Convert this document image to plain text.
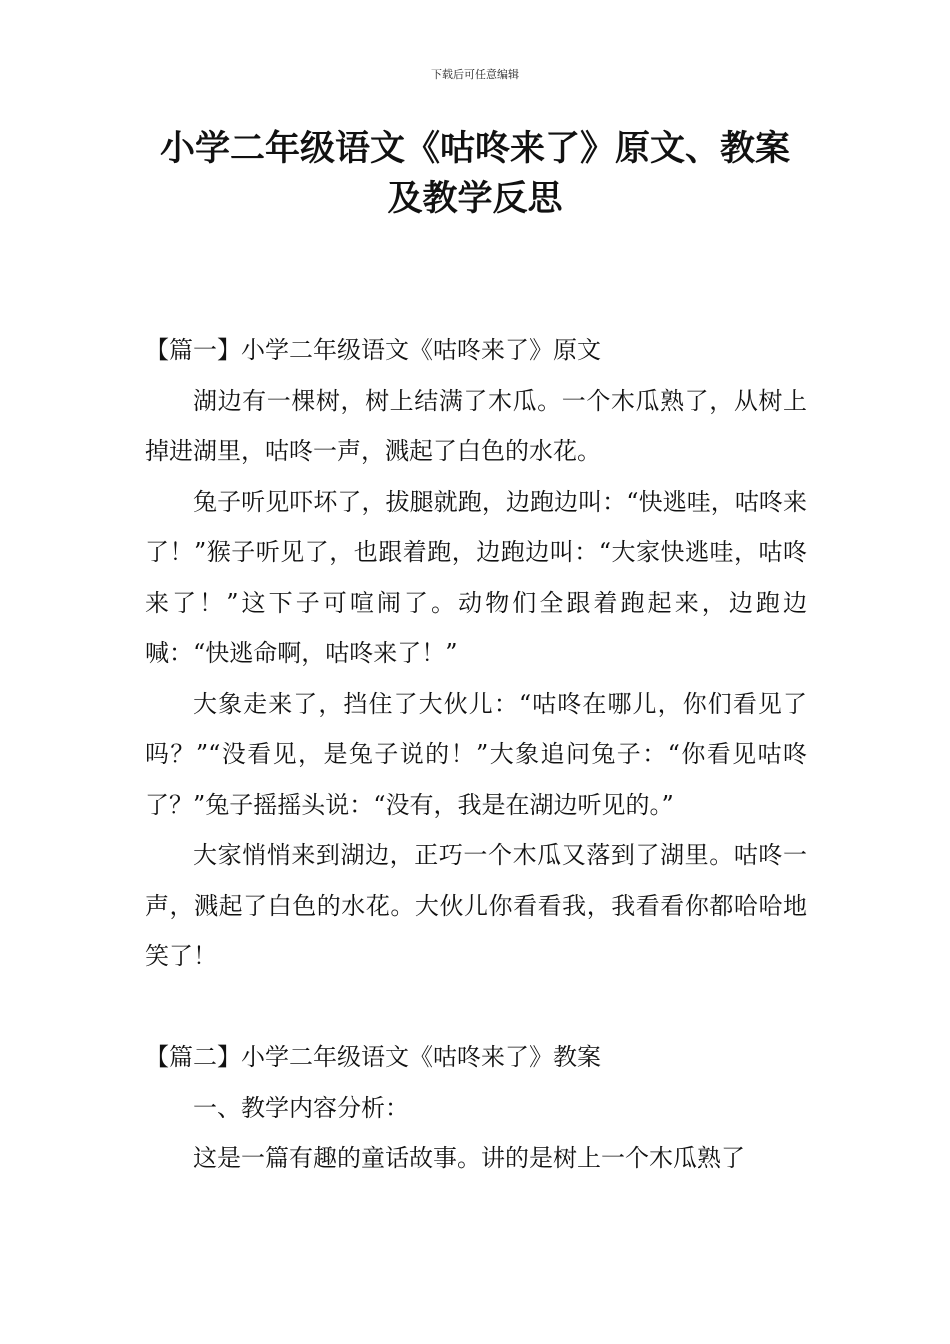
下载后可任意编辑
小学二年级语文《咕咚来了》原文、教案
及教学反思
【篇一】小学二年级语文《咕咚来了》原文

湖边有一棵树，树上结满了木瓜。一个木瓜熟了，从树上掉进湖里，咕咚一声，溅起了白色的水花。

兔子听见吓坏了，拔腿就跑，边跑边叫：“快逃哇，咕咚来了！”猴子听见了，也跟着跑，边跑边叫：“大家快逃哇，咕咚来了！”这下子可喧闹了。动物们全跟着跑起来，边跑边喊：“快逃命啊，咕咚来了！”

大象走来了，挡住了大伙儿：“咕咚在哪儿，你们看见了吗？”“没看见，是兔子说的！”大象追问兔子：“你看见咕咚了？”兔子摇摇头说：“没有，我是在湖边听见的。”

大家悄悄来到湖边，正巧一个木瓜又落到了湖里。咕咚一声，溅起了白色的水花。大伙儿你看看我，我看看你都哈哈地笑了！

【篇二】小学二年级语文《咕咚来了》教案

一、教学内容分析：

这是一篇有趣的童话故事。讲的是树上一个木瓜熟了
